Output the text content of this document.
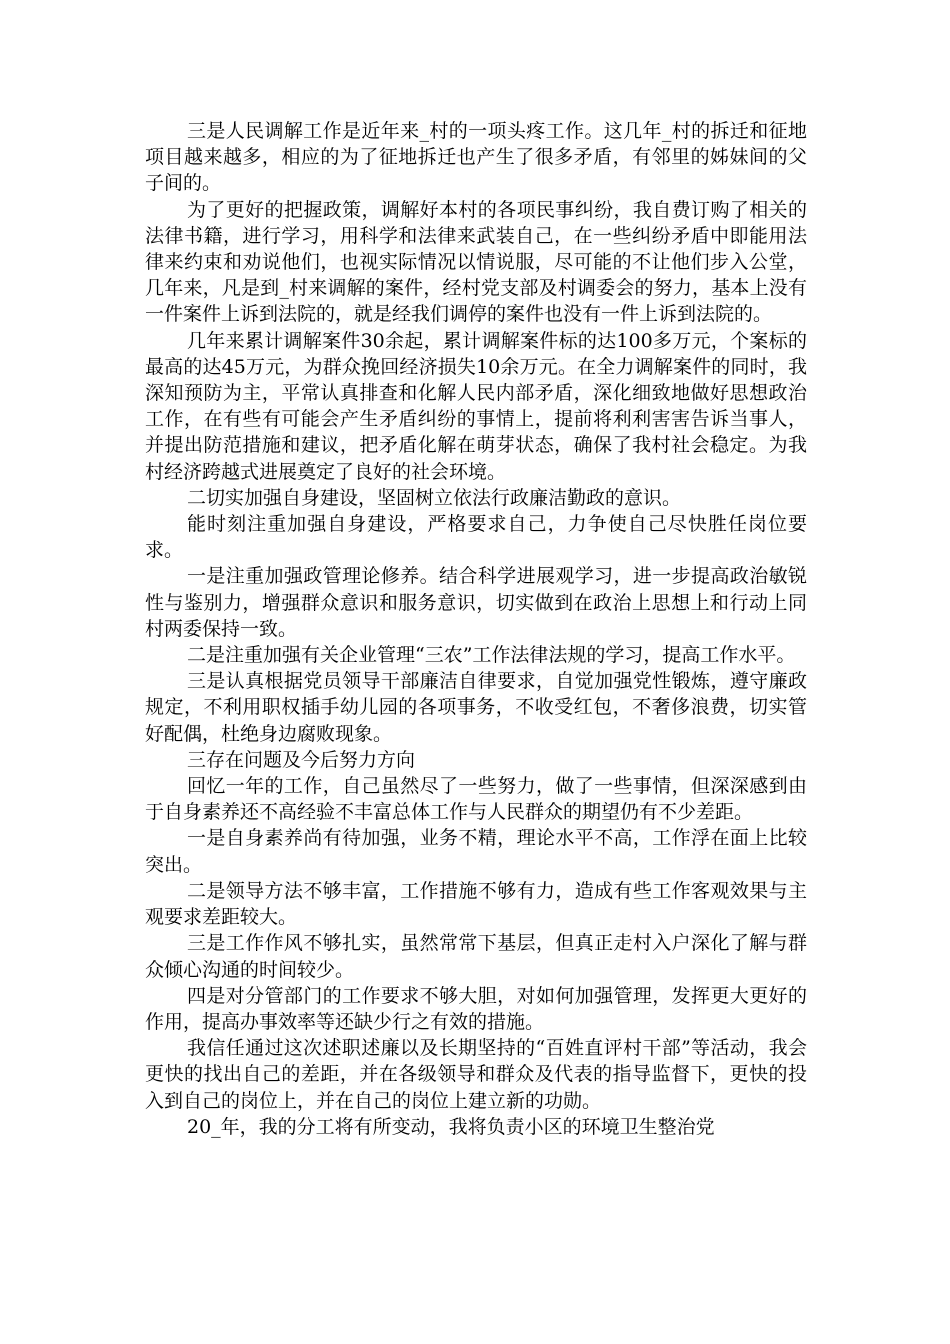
三是人民调解工作是近年来_村的一项头疼工作。这几年_村的拆迁和征地项目越来越多，相应的为了征地拆迁也产生了很多矛盾，有邻里的姊妹间的父子间的。

为了更好的把握政策，调解好本村的各项民事纠纷，我自费订购了相关的法律书籍，进行学习，用科学和法律来武装自己，在一些纠纷矛盾中即能用法律来约束和劝说他们，也视实际情况以情说服，尽可能的不让他们步入公堂，几年来，凡是到_村来调解的案件，经村党支部及村调委会的努力，基本上没有一件案件上诉到法院的，就是经我们调停的案件也没有一件上诉到法院的。

几年来累计调解案件30余起，累计调解案件标的达100多万元，个案标的最高的达45万元，为群众挽回经济损失10余万元。在全力调解案件的同时，我深知预防为主，平常认真排查和化解人民内部矛盾，深化细致地做好思想政治工作，在有些有可能会产生矛盾纠纷的事情上，提前将利利害害告诉当事人，并提出防范措施和建议，把矛盾化解在萌芽状态，确保了我村社会稳定。为我村经济跨越式进展奠定了良好的社会环境。

二切实加强自身建设，坚固树立依法行政廉洁勤政的意识。

能时刻注重加强自身建设，严格要求自己，力争使自己尽快胜任岗位要求。

一是注重加强政管理论修养。结合科学进展观学习，进一步提高政治敏锐性与鉴别力，增强群众意识和服务意识，切实做到在政治上思想上和行动上同村两委保持一致。

二是注重加强有关企业管理“三农”工作法律法规的学习，提高工作水平。

三是认真根据党员领导干部廉洁自律要求，自觉加强党性锻炼，遵守廉政规定，不利用职权插手幼儿园的各项事务，不收受红包，不奢侈浪费，切实管好配偶，杜绝身边腐败现象。

三存在问题及今后努力方向

回忆一年的工作，自己虽然尽了一些努力，做了一些事情，但深深感到由于自身素养还不高经验不丰富总体工作与人民群众的期望仍有不少差距。

一是自身素养尚有待加强，业务不精，理论水平不高，工作浮在面上比较突出。

二是领导方法不够丰富，工作措施不够有力，造成有些工作客观效果与主观要求差距较大。

三是工作作风不够扎实，虽然常常下基层，但真正走村入户深化了解与群众倾心沟通的时间较少。

四是对分管部门的工作要求不够大胆，对如何加强管理，发挥更大更好的作用，提高办事效率等还缺少行之有效的措施。

我信任通过这次述职述廉以及长期坚持的“百姓直评村干部”等活动，我会更快的找出自己的差距，并在各级领导和群众及代表的指导监督下，更快的投入到自己的岗位上，并在自己的岗位上建立新的功勋。

20_年，我的分工将有所变动，我将负责小区的环境卫生整治党
